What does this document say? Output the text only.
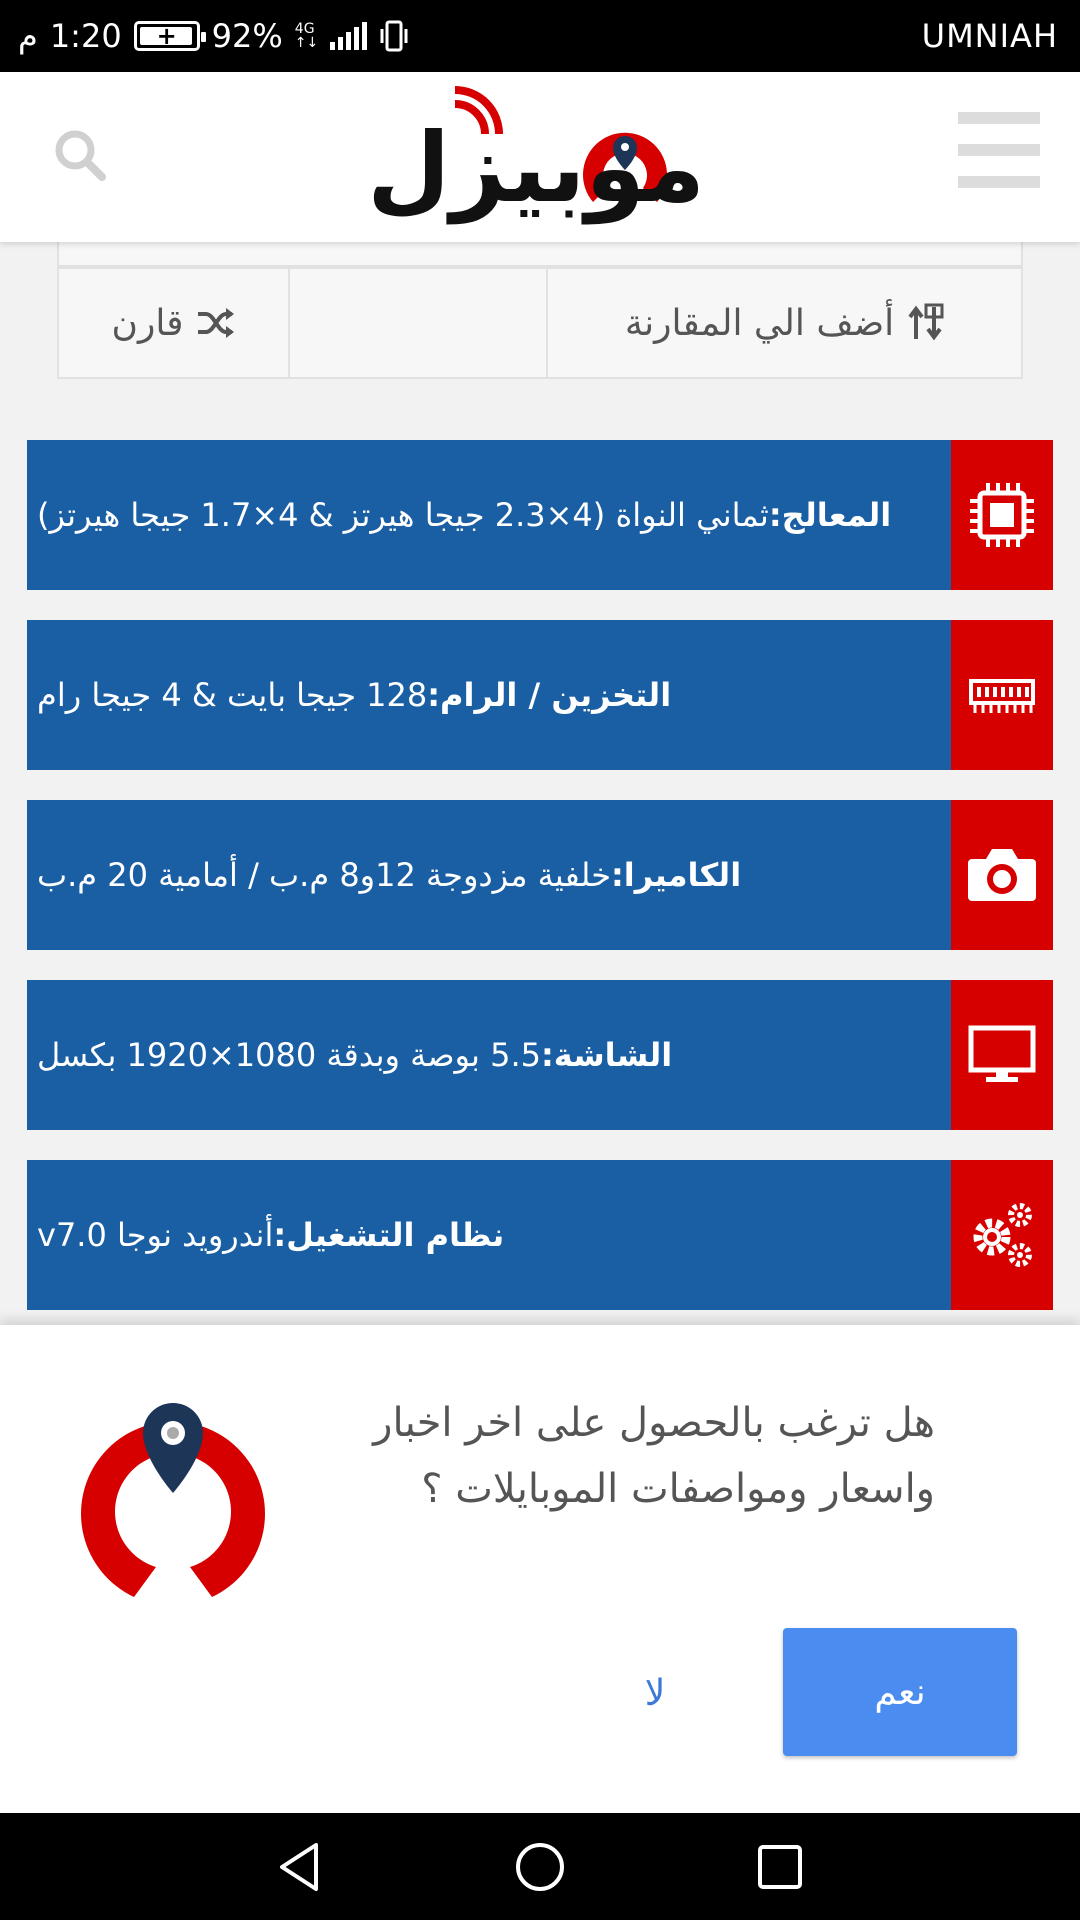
م 1:20 + 92% 4G
↑↓	UMNIAH
موبيزل
قارن	أضف الي المقارنة
المعالج:
ثماني النواة (4×2.3 جيجا هيرتز & 4×1.7 جيجا هيرتز)
التخزين / الرام:
128 جيجا بايت & 4 جيجا رام
الكاميرا:
خلفية مزدوجة 12و8 م.ب / أمامية 20 م.ب
الشاشة:
5.5 بوصة وبدقة 1080×1920 بكسل
نظام التشغيل:
أندرويد نوجا v7.0
هل ترغب بالحصول على اخر اخبار
واسعار ومواصفات الموبايلات ؟
لا	نعم
